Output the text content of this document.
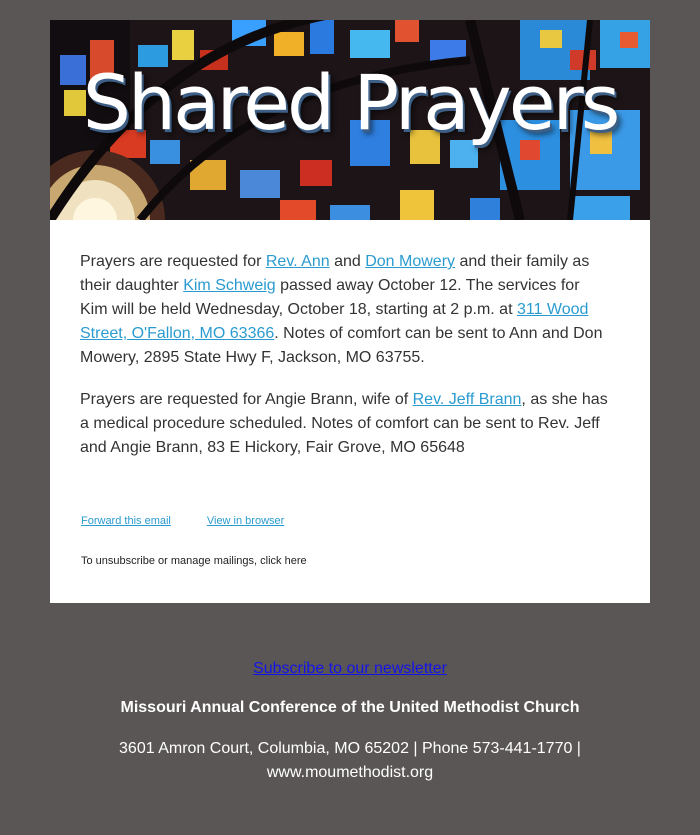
Shared Prayers

Prayers are requested for Rev. Ann and Don Mowery and their family as their daughter Kim Schweig passed away October 12. The services for Kim will be held Wednesday, October 18, starting at 2 p.m. at 311 Wood Street, O'Fallon, MO 63366. Notes of comfort can be sent to Ann and Don Mowery, 2895 State Hwy F, Jackson, MO 63755.

Prayers are requested for Angie Brann, wife of Rev. Jeff Brann, as she has a medical procedure scheduled. Notes of comfort can be sent to Rev. Jeff and Angie Brann, 83 E Hickory, Fair Grove, MO 65648

Forward this email	View in browser
To unsubscribe or manage mailings, click here
Subscribe to our newsletter
Missouri Annual Conference of the United Methodist Church
3601 Amron Court, Columbia, MO 65202 | Phone 573-441-1770 | www.moumethodist.org
